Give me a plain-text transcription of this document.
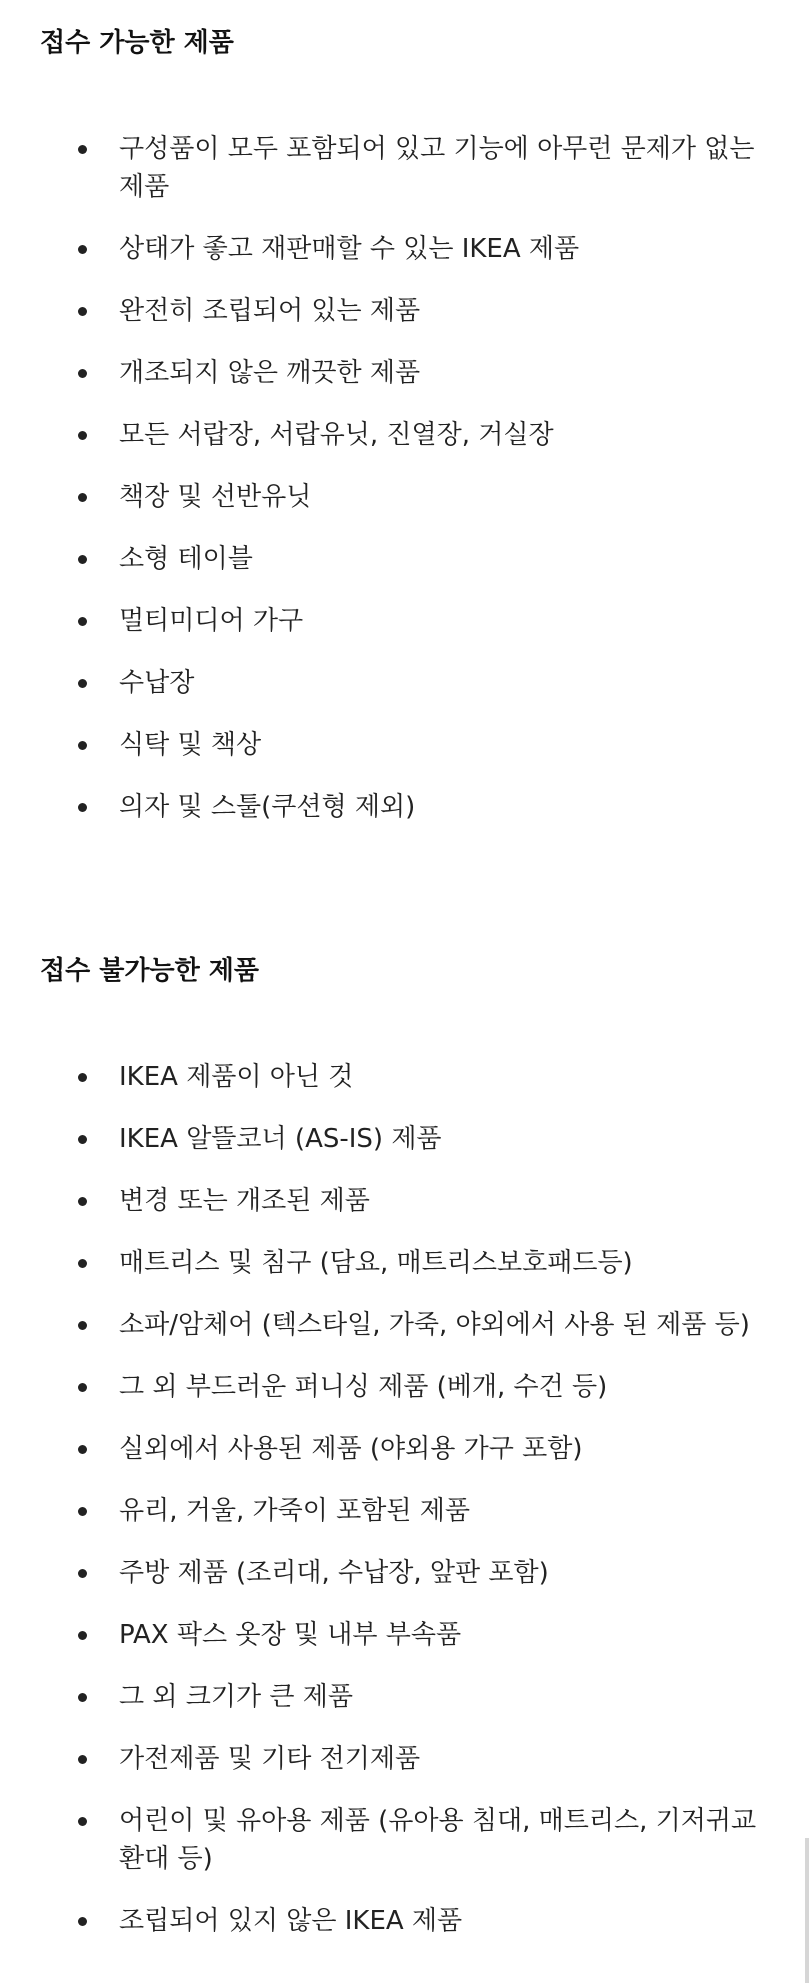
접수 가능한 제품
구성품이 모두 포함되어 있고 기능에 아무런 문제가 없는 제품
상태가 좋고 재판매할 수 있는 IKEA 제품
완전히 조립되어 있는 제품
개조되지 않은 깨끗한 제품
모든 서랍장, 서랍유닛, 진열장, 거실장
책장 및 선반유닛
소형 테이블
멀티미디어 가구
수납장
식탁 및 책상
의자 및 스툴(쿠션형 제외)
접수 불가능한 제품
IKEA 제품이 아닌 것
IKEA 알뜰코너 (AS-IS) 제품
변경 또는 개조된 제품
매트리스 및 침구 (담요, 매트리스보호패드등)
소파/암체어 (텍스타일, 가죽, 야외에서 사용 된 제품 등)
그 외 부드러운 퍼니싱 제품 (베개, 수건 등)
실외에서 사용된 제품 (야외용 가구 포함)
유리, 거울, 가죽이 포함된 제품
주방 제품 (조리대, 수납장, 앞판 포함)
PAX 팍스 옷장 및 내부 부속품
그 외 크기가 큰 제품
가전제품 및 기타 전기제품
어린이 및 유아용 제품 (유아용 침대, 매트리스, 기저귀교환대 등)
조립되어 있지 않은 IKEA 제품
